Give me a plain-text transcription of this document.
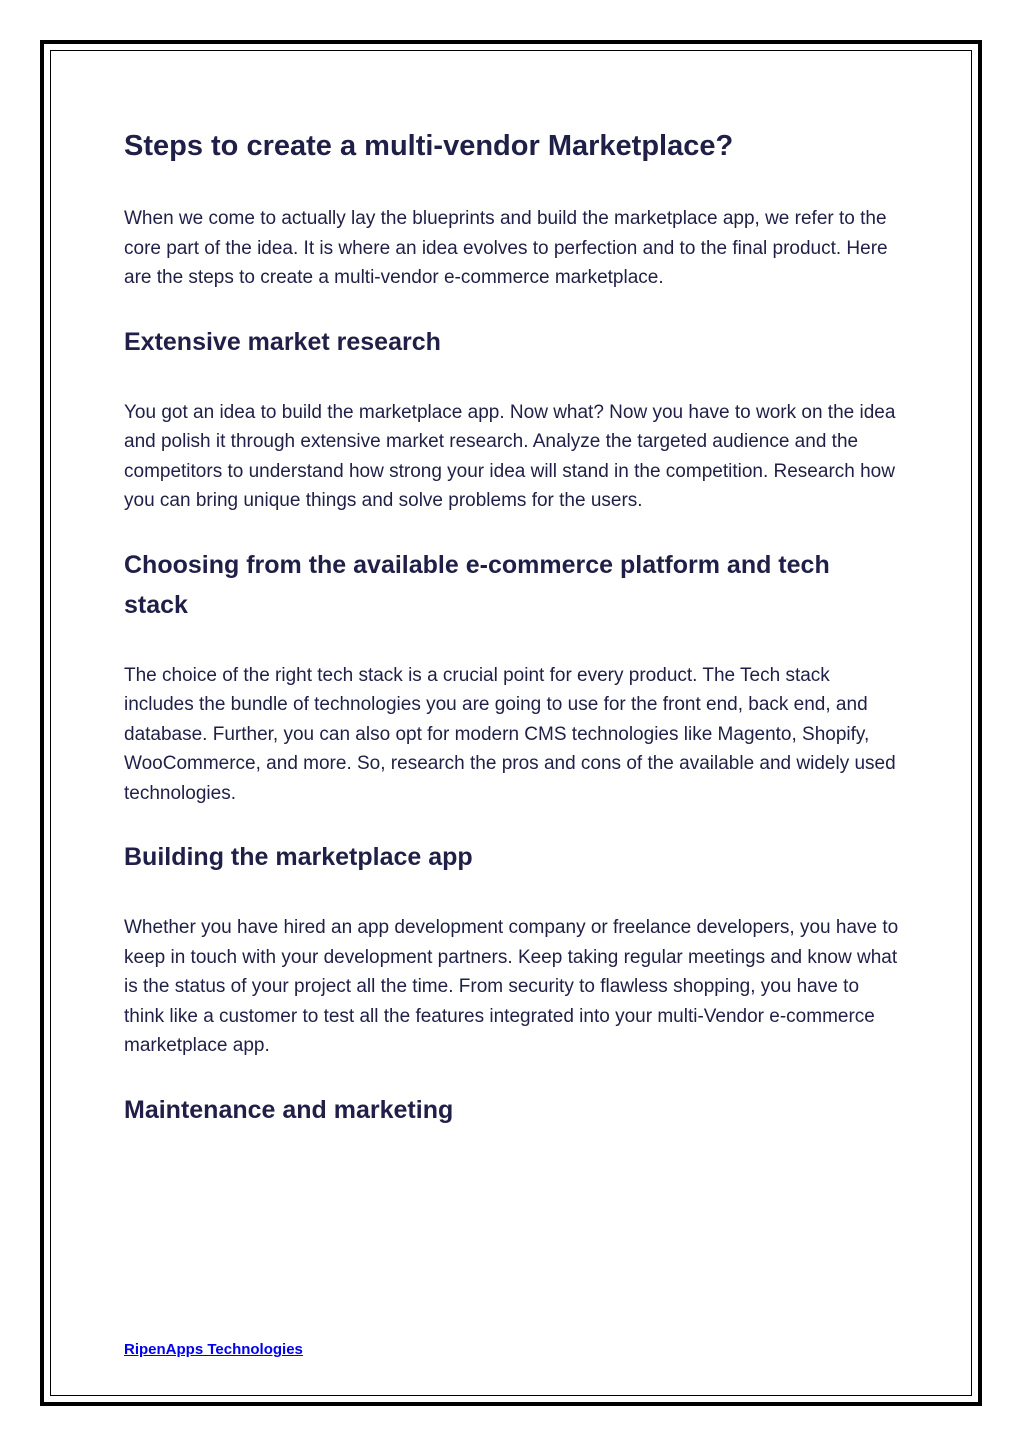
Steps to create a multi-vendor Marketplace?

When we come to actually lay the blueprints and build the marketplace app, we refer to the core part of the idea. It is where an idea evolves to perfection and to the final product. Here are the steps to create a multi-vendor e-commerce marketplace.

Extensive market research

You got an idea to build the marketplace app. Now what? Now you have to work on the idea and polish it through extensive market research. Analyze the targeted audience and the competitors to understand how strong your idea will stand in the competition. Research how you can bring unique things and solve problems for the users.

Choosing from the available e-commerce platform and tech stack

The choice of the right tech stack is a crucial point for every product. The Tech stack includes the bundle of technologies you are going to use for the front end, back end, and database. Further, you can also opt for modern CMS technologies like Magento, Shopify, WooCommerce, and more. So, research the pros and cons of the available and widely used technologies.

Building the marketplace app

Whether you have hired an app development company or freelance developers, you have to keep in touch with your development partners. Keep taking regular meetings and know what is the status of your project all the time. From security to flawless shopping, you have to think like a customer to test all the features integrated into your multi-Vendor e-commerce marketplace app.

Maintenance and marketing
RipenApps Technologies
